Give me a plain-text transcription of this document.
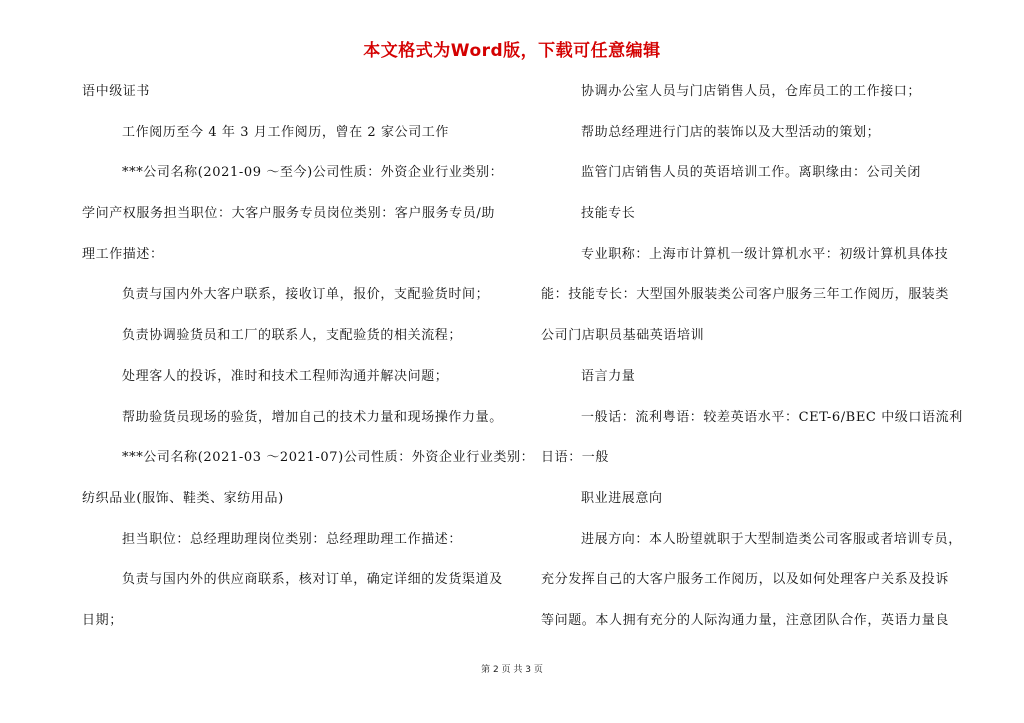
本文格式为Word版，下载可任意编辑

语中级证书

工作阅历至今 4 年 3 月工作阅历，曾在 2 家公司工作

***公司名称(2021-09 ～至今)公司性质：外资企业行业类别：

学问产权服务担当职位：大客户服务专员岗位类别：客户服务专员/助

理工作描述：

负责与国内外大客户联系，接收订单，报价，支配验货时间；

负责协调验货员和工厂的联系人，支配验货的相关流程；

处理客人的投诉，准时和技术工程师沟通并解决问题；

帮助验货员现场的验货，增加自己的技术力量和现场操作力量。

***公司名称(2021-03 ～2021-07)公司性质：外资企业行业类别：

纺织品业(服饰、鞋类、家纺用品)

担当职位：总经理助理岗位类别：总经理助理工作描述：

负责与国内外的供应商联系，核对订单，确定详细的发货渠道及

日期；

协调办公室人员与门店销售人员，仓库员工的工作接口；

帮助总经理进行门店的装饰以及大型活动的策划；

监管门店销售人员的英语培训工作。离职缘由：公司关闭

技能专长

专业职称：上海市计算机一级计算机水平：初级计算机具体技

能：技能专长：大型国外服装类公司客户服务三年工作阅历，服装类

公司门店职员基础英语培训

语言力量

一般话：流利粤语：较差英语水平：CET-6/BEC 中级口语流利

日语：一般

职业进展意向

进展方向：本人盼望就职于大型制造类公司客服或者培训专员，

充分发挥自己的大客户服务工作阅历，以及如何处理客户关系及投诉

等问题。本人拥有充分的人际沟通力量，注意团队合作，英语力量良

第 2 页 共 3 页
